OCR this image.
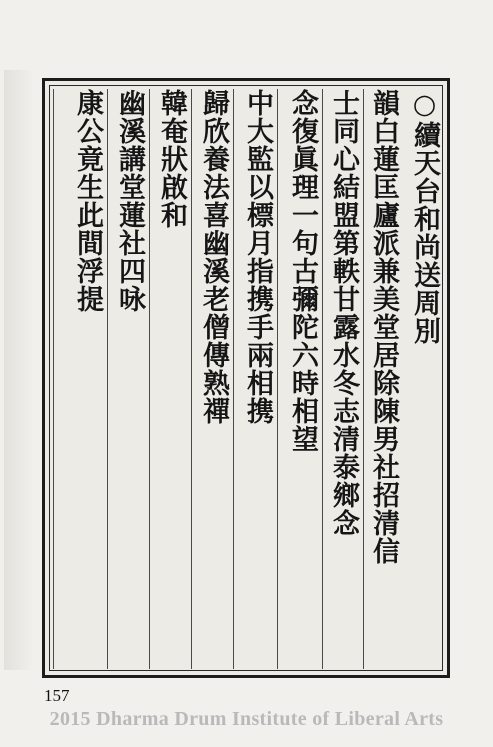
○續天台和尚送周別
韻白蓮匡廬派兼美堂居除陳男社招清信
士同心結盟第軼甘露水冬志清泰鄉念
念復眞理一句古彌陀六時相望
中大監以標月指携手兩相携
歸欣養法喜幽溪老僧傳熟禪
韓奄狀啟和
幽溪講堂蓮社四咏
康公竟生此間浮提
157
2015 Dharma Drum Institute of Liberal Arts
